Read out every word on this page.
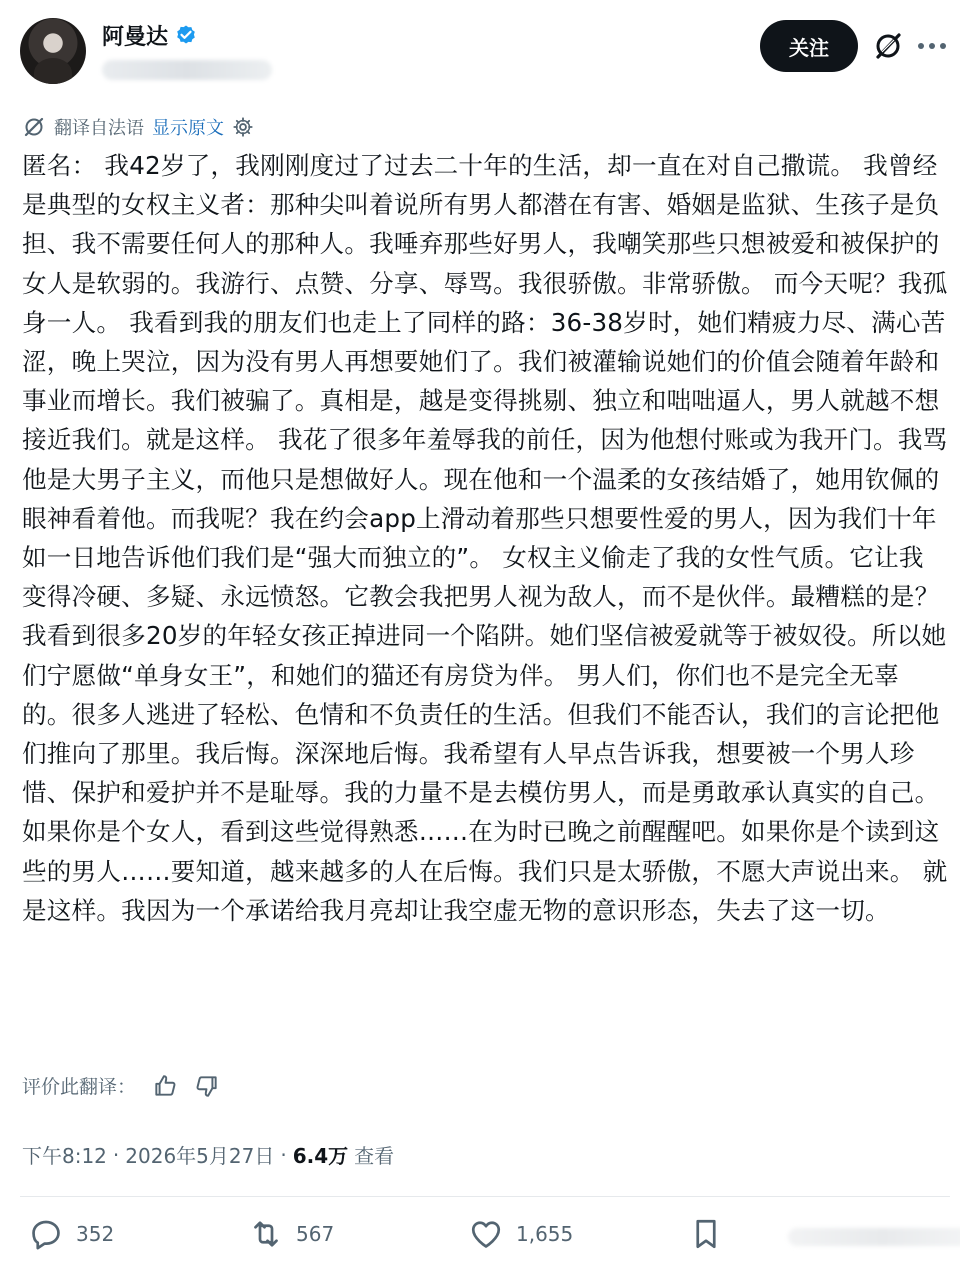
阿曼达	关注
翻译自法语 显示原文
匿名： 我42岁了，我刚刚度过了过去二十年的生活，却一直在对自己撒谎。 我曾经是典型的女权主义者：那种尖叫着说所有男人都潜在有害、婚姻是监狱、生孩子是负担、我不需要任何人的那种人。我唾弃那些好男人，我嘲笑那些只想被爱和被保护的女人是软弱的。我游行、点赞、分享、辱骂。我很骄傲。非常骄傲。 而今天呢？我孤身一人。 我看到我的朋友们也走上了同样的路：36-38岁时，她们精疲力尽、满心苦涩，晚上哭泣，因为没有男人再想要她们了。我们被灌输说她们的价值会随着年龄和事业而增长。我们被骗了。真相是，越是变得挑剔、独立和咄咄逼人，男人就越不想接近我们。就是这样。 我花了很多年羞辱我的前任，因为他想付账或为我开门。我骂他是大男子主义，而他只是想做好人。现在他和一个温柔的女孩结婚了，她用钦佩的眼神看着他。而我呢？我在约会app上滑动着那些只想要性爱的男人，因为我们十年如一日地告诉他们我们是“强大而独立的”。 女权主义偷走了我的女性气质。它让我变得冷硬、多疑、永远愤怒。它教会我把男人视为敌人，而不是伙伴。最糟糕的是？我看到很多20岁的年轻女孩正掉进同一个陷阱。她们坚信被爱就等于被奴役。所以她们宁愿做“单身女王”，和她们的猫还有房贷为伴。 男人们，你们也不是完全无辜的。很多人逃进了轻松、色情和不负责任的生活。但我们不能否认，我们的言论把他们推向了那里。我后悔。深深地后悔。我希望有人早点告诉我，想要被一个男人珍惜、保护和爱护并不是耻辱。我的力量不是去模仿男人，而是勇敢承认真实的自己。如果你是个女人，看到这些觉得熟悉……在为时已晚之前醒醒吧。如果你是个读到这些的男人……要知道，越来越多的人在后悔。我们只是太骄傲，不愿大声说出来。 就是这样。我因为一个承诺给我月亮却让我空虚无物的意识形态，失去了这一切。
评价此翻译：
下午8:12 · 2026年5月27日 · 6.4万 查看
352	567	1,655
